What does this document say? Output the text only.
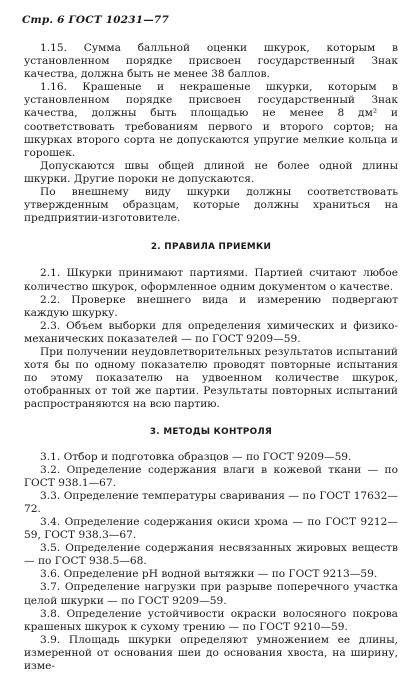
Стр. 6 ГОСТ 10231—77

1.15. Сумма балльной оценки шкурок, которым в установленном порядке присвоен государственный Знак качества, должна быть не менее 38 баллов.

1.16. Крашеные и некрашеные шкурки, которым в установленном порядке присвоен государственный Знак качества, должны быть площадью не менее 8 дм² и соответствовать требованиям первого и второго сортов; на шкурках второго сорта не допускаются упругие мелкие кольца и горошек.

Допускаются швы общей длиной не более одной длины шкурки. Другие пороки не допускаются.

По внешнему виду шкурки должны соответствовать утвержденным образцам, которые должны храниться на предприятии-изготовителе.

2. ПРАВИЛА ПРИЕМКИ

2.1. Шкурки принимают партиями. Партией считают любое количество шкурок, оформленное одним документом о качестве.

2.2. Проверке внешнего вида и измерению подвергают каждую шкурку.

2.3. Объем выборки для определения химических и физико-механических показателей — по ГОСТ 9209—59.

При получении неудовлетворительных результатов испытаний хотя бы по одному показателю проводят повторные испытания по этому показателю на удвоенном количестве шкурок, отобранных от той же партии. Результаты повторных испытаний распространяются на всю партию.

3. МЕТОДЫ КОНТРОЛЯ

3.1. Отбор и подготовка образцов — по ГОСТ 9209—59.

3.2. Определение содержания влаги в кожевой ткани — по ГОСТ 938.1—67.

3.3. Определение температуры сваривания — по ГОСТ 17632—72.

3.4. Определение содержания окиси хрома — по ГОСТ 9212—59, ГОСТ 938.3—67.

3.5. Определение содержания несвязанных жировых веществ — по ГОСТ 938.5—68.

3.6. Определение pH водной вытяжки — по ГОСТ 9213—59.

3.7. Определение нагрузки при разрыве поперечного участка целой шкурки — по ГОСТ 9209—59.

3.8. Определение устойчивости окраски волосяного покрова крашеных шкурок к сухому трению — по ГОСТ 9210—59.

3.9. Площадь шкурки определяют умножением ее длины, измеренной от основания шеи до основания хвоста, на ширину, изме-
